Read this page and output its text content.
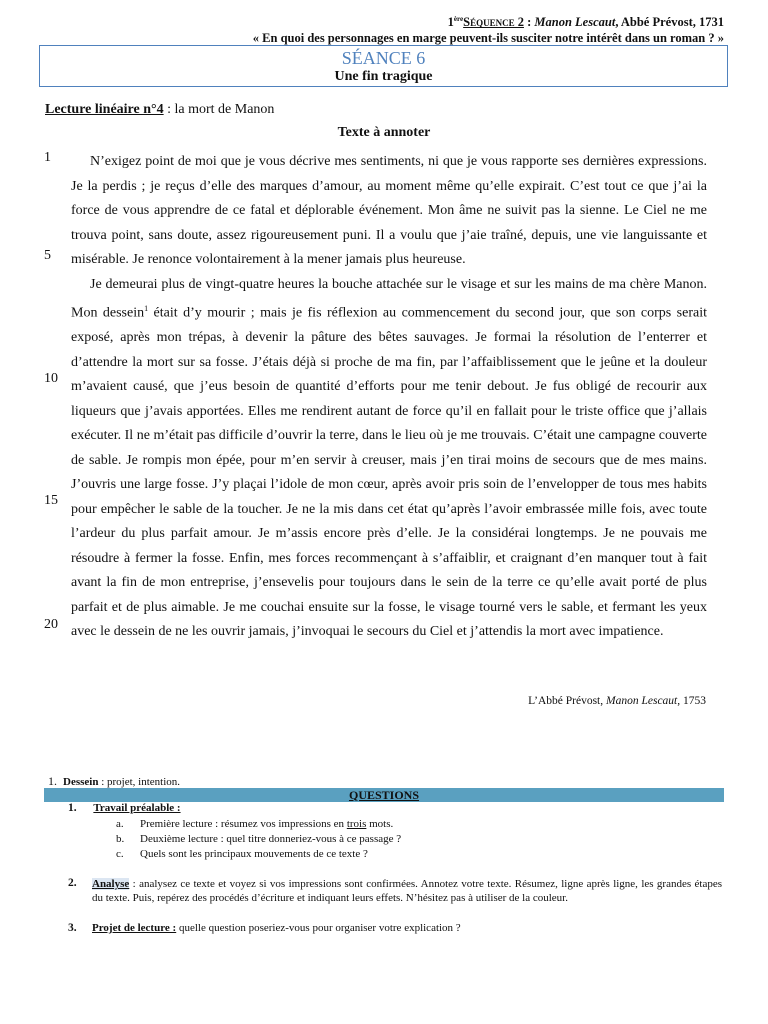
1èreSéquence 2 : Manon Lescaut, Abbé Prévost, 1731
« En quoi des personnages en marge peuvent-ils susciter notre intérêt dans un roman ? »
SÉANCE 6
Une fin tragique
Lecture linéaire n°4 : la mort de Manon
Texte à annoter
1
5
10
15
20

N’exigez point de moi que je vous décrive mes sentiments, ni que je vous rapporte ses dernières expressions. Je la perdis ; je reçus d’elle des marques d’amour, au moment même qu’elle expirait. C’est tout ce que j’ai la force de vous apprendre de ce fatal et déplorable événement. Mon âme ne suivit pas la sienne. Le Ciel ne me trouva point, sans doute, assez rigoureusement puni. Il a voulu que j’aie traîné, depuis, une vie languissante et misérable. Je renonce volontairement à la mener jamais plus heureuse.

Je demeurai plus de vingt-quatre heures la bouche attachée sur le visage et sur les mains de ma chère Manon. Mon dessein$^1$ était d’y mourir ; mais je fis réflexion au commencement du second jour, que son corps serait exposé, après mon trépas, à devenir la pâture des bêtes sauvages. Je formai la résolution de l’enterrer et d’attendre la mort sur sa fosse. J’étais déjà si proche de ma fin, par l’affaiblissement que le jeûne et la douleur m’avaient causé, que j’eus besoin de quantité d’efforts pour me tenir debout. Je fus obligé de recourir aux liqueurs que j’avais apportées. Elles me rendirent autant de force qu’il en fallait pour le triste office que j’allais exécuter. Il ne m’était pas difficile d’ouvrir la terre, dans le lieu où je me trouvais. C’était une campagne couverte de sable. Je rompis mon épée, pour m’en servir à creuser, mais j’en tirai moins de secours que de mes mains. J’ouvris une large fosse. J’y plaçai l’idole de mon cœur, après avoir pris soin de l’envelopper de tous mes habits pour empêcher le sable de la toucher. Je ne la mis dans cet état qu’après l’avoir embrassée mille fois, avec toute l’ardeur du plus parfait amour. Je m’assis encore près d’elle. Je la considérai longtemps. Je ne pouvais me résoudre à fermer la fosse. Enfin, mes forces recommençant à s’affaiblir, et craignant d’en manquer tout à fait avant la fin de mon entreprise, j’ensevelis pour toujours dans le sein de la terre ce qu’elle avait porté de plus parfait et de plus aimable. Je me couchai ensuite sur la fosse, le visage tourné vers le sable, et fermant les yeux avec le dessein de ne les ouvrir jamais, j’invoquai le secours du Ciel et j’attendis la mort avec impatience.

L’Abbé Prévost, Manon Lescaut, 1753
1. Dessein : projet, intention.
QUESTIONS
1. Travail préalable :
a. Première lecture : résumez vos impressions en trois mots.
b. Deuxième lecture : quel titre donneriez-vous à ce passage ?
c. Quels sont les principaux mouvements de ce texte ?
2. Analyse : analysez ce texte et voyez si vos impressions sont confirmées. Annotez votre texte. Résumez, ligne après ligne, les grandes étapes du texte. Puis, repérez des procédés d’écriture et indiquant leurs effets. N’hésitez pas à utiliser de la couleur.
3. Projet de lecture : quelle question poseriez-vous pour organiser votre explication ?
